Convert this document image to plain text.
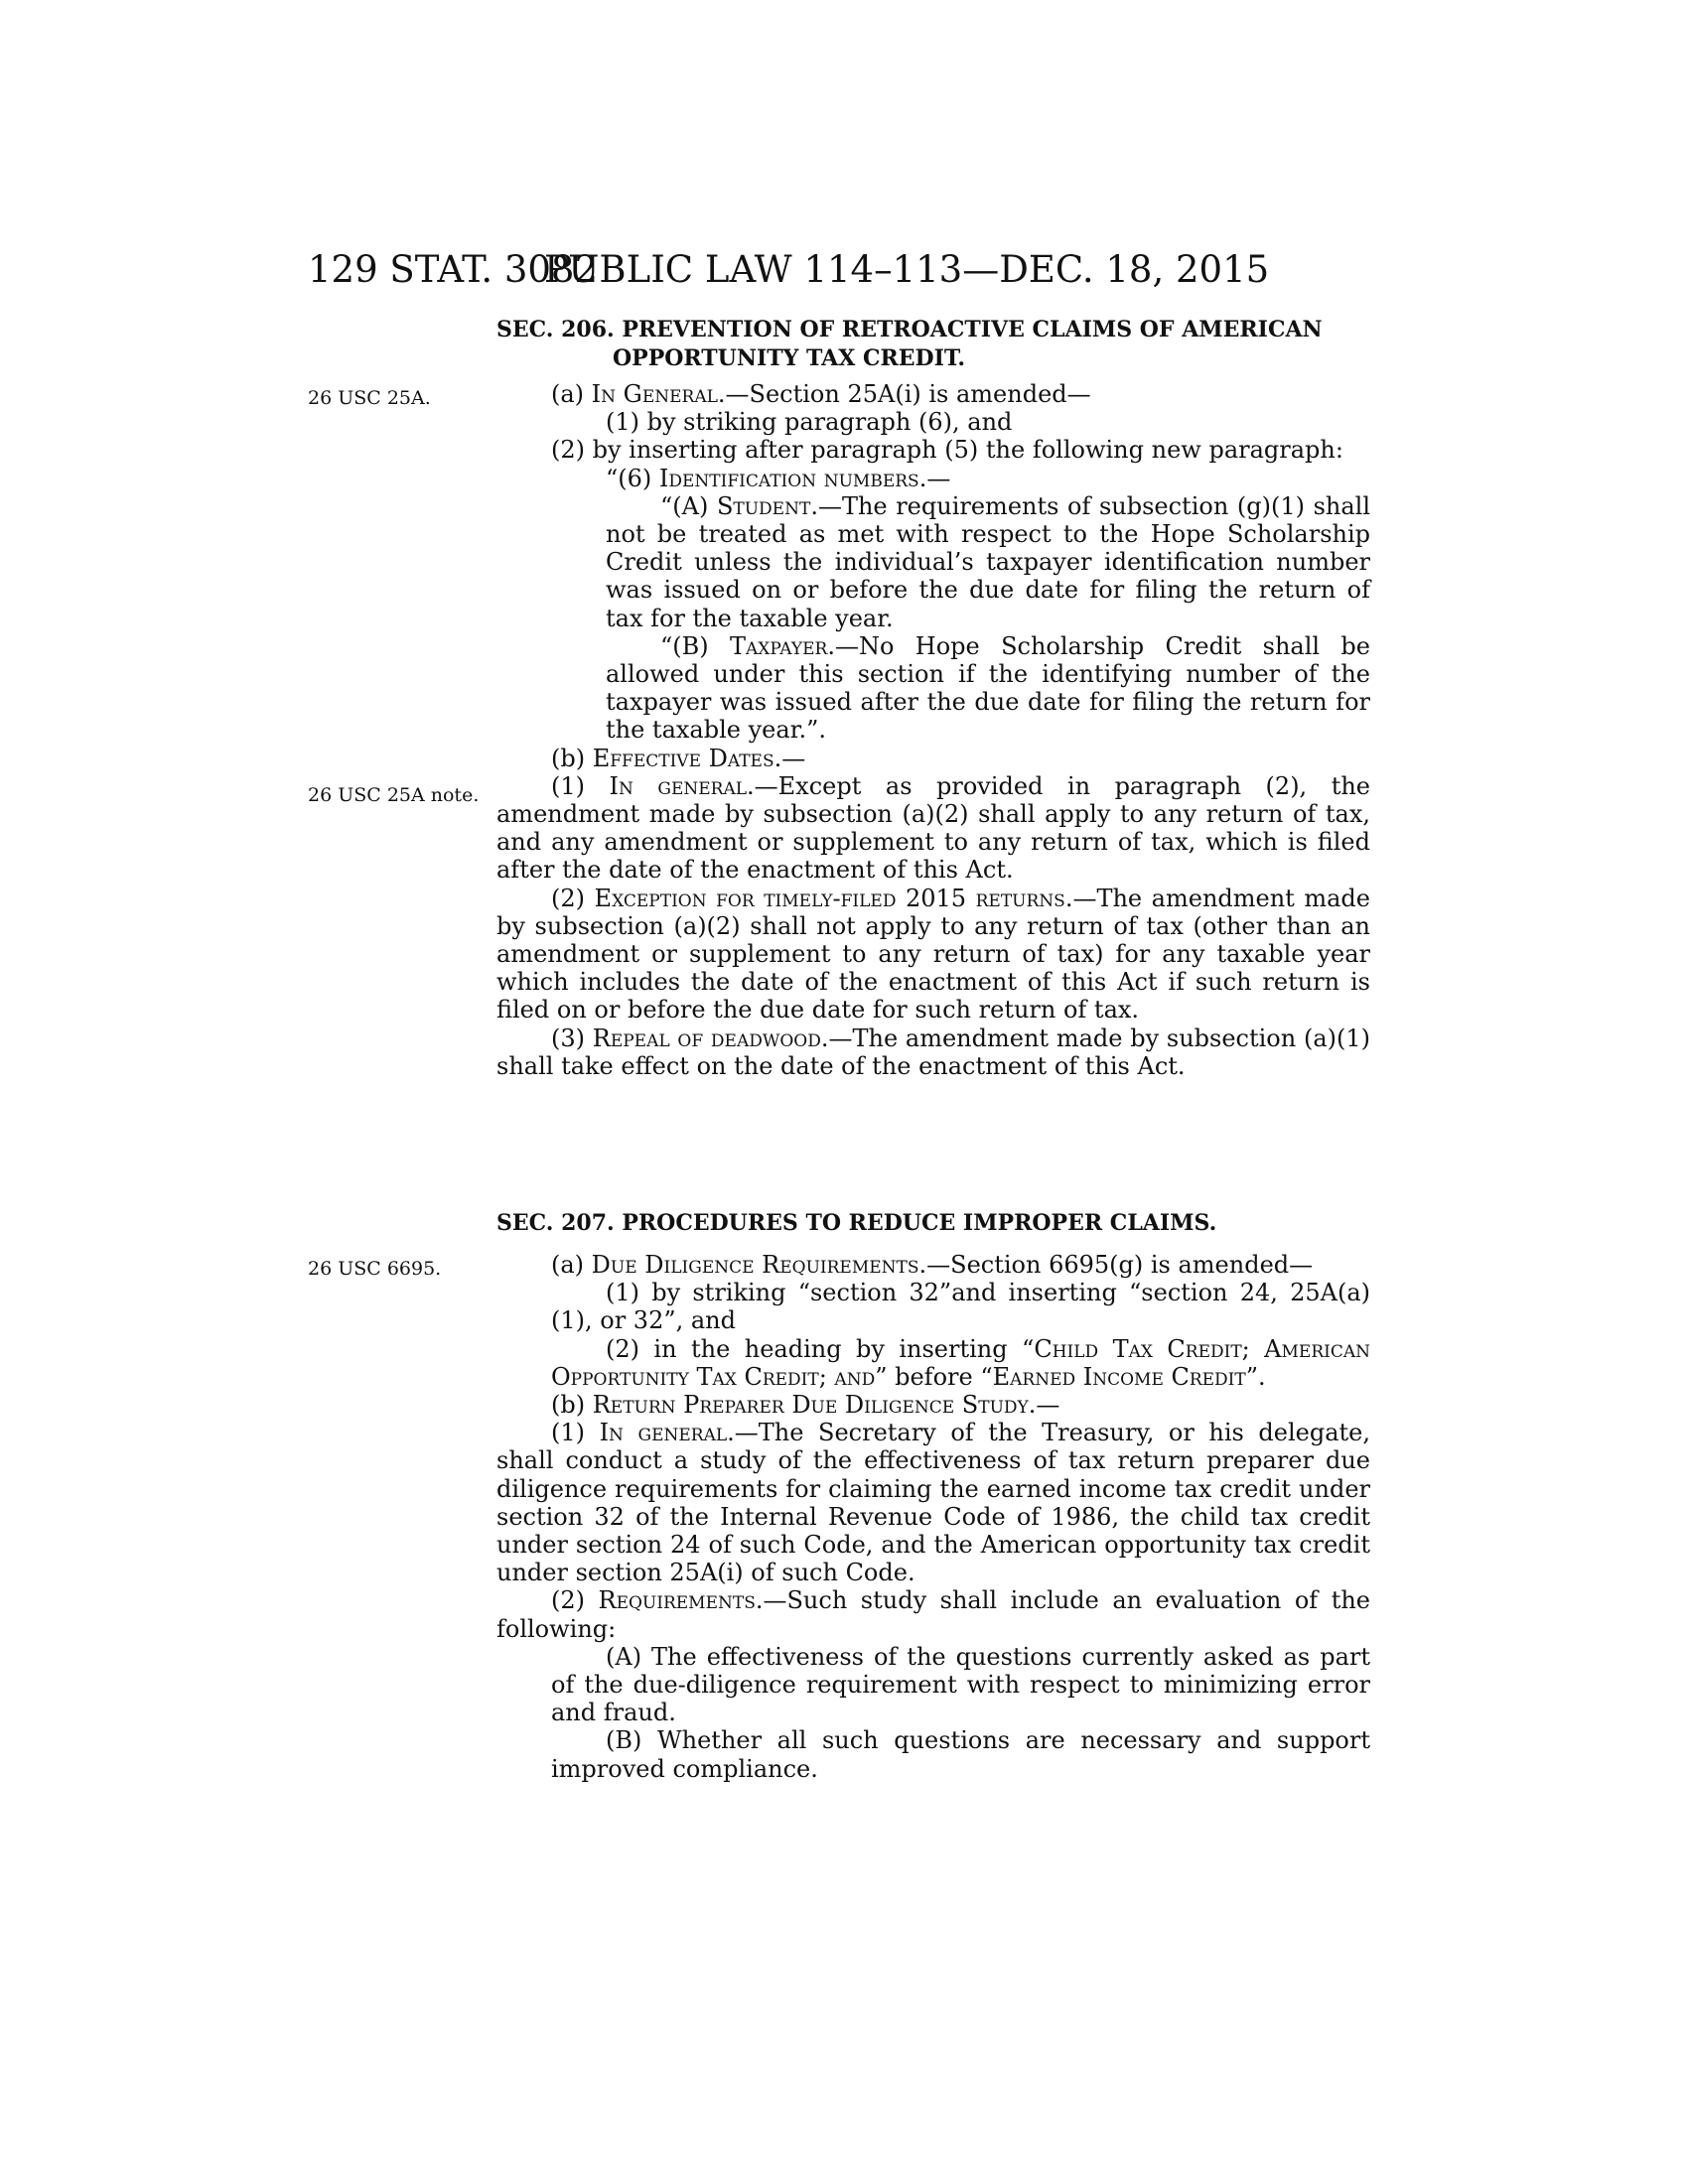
129 STAT. 3082
PUBLIC LAW 114–113—DEC. 18, 2015
26 USC 25A.
26 USC 25A note.
26 USC 6695.
SEC. 206. PREVENTION OF RETROACTIVE CLAIMS OF AMERICAN
OPPORTUNITY TAX CREDIT.
(a) In General.—Section 25A(i) is amended—
(1) by striking paragraph (6), and
(2) by inserting after paragraph (5) the following new paragraph:
“(6) Identification numbers.—
“(A) Student.—The requirements of subsection (g)(1) shall not be treated as met with respect to the Hope Scholarship Credit unless the individual’s taxpayer identification number was issued on or before the due date for filing the return of tax for the taxable year.
“(B) Taxpayer.—No Hope Scholarship Credit shall be allowed under this section if the identifying number of the taxpayer was issued after the due date for filing the return for the taxable year.”.
(b) Effective Dates.—
(1) In general.—Except as provided in paragraph (2), the amendment made by subsection (a)(2) shall apply to any return of tax, and any amendment or supplement to any return of tax, which is filed after the date of the enactment of this Act.
(2) Exception for timely-filed 2015 returns.—The amendment made by subsection (a)(2) shall not apply to any return of tax (other than an amendment or supplement to any return of tax) for any taxable year which includes the date of the enactment of this Act if such return is filed on or before the due date for such return of tax.
(3) Repeal of deadwood.—The amendment made by subsection (a)(1) shall take effect on the date of the enactment of this Act.
SEC. 207. PROCEDURES TO REDUCE IMPROPER CLAIMS.
(a) Due Diligence Requirements.—Section 6695(g) is amended—
(1) by striking “section 32”and inserting “section 24, 25A(a)(1), or 32”, and
(2) in the heading by inserting “Child Tax Credit; American Opportunity Tax Credit; and” before “Earned Income Credit”.
(b) Return Preparer Due Diligence Study.—
(1) In general.—The Secretary of the Treasury, or his delegate, shall conduct a study of the effectiveness of tax return preparer due diligence requirements for claiming the earned income tax credit under section 32 of the Internal Revenue Code of 1986, the child tax credit under section 24 of such Code, and the American opportunity tax credit under section 25A(i) of such Code.
(2) Requirements.—Such study shall include an evaluation of the following:
(A) The effectiveness of the questions currently asked as part of the due-diligence requirement with respect to minimizing error and fraud.
(B) Whether all such questions are necessary and support improved compliance.
